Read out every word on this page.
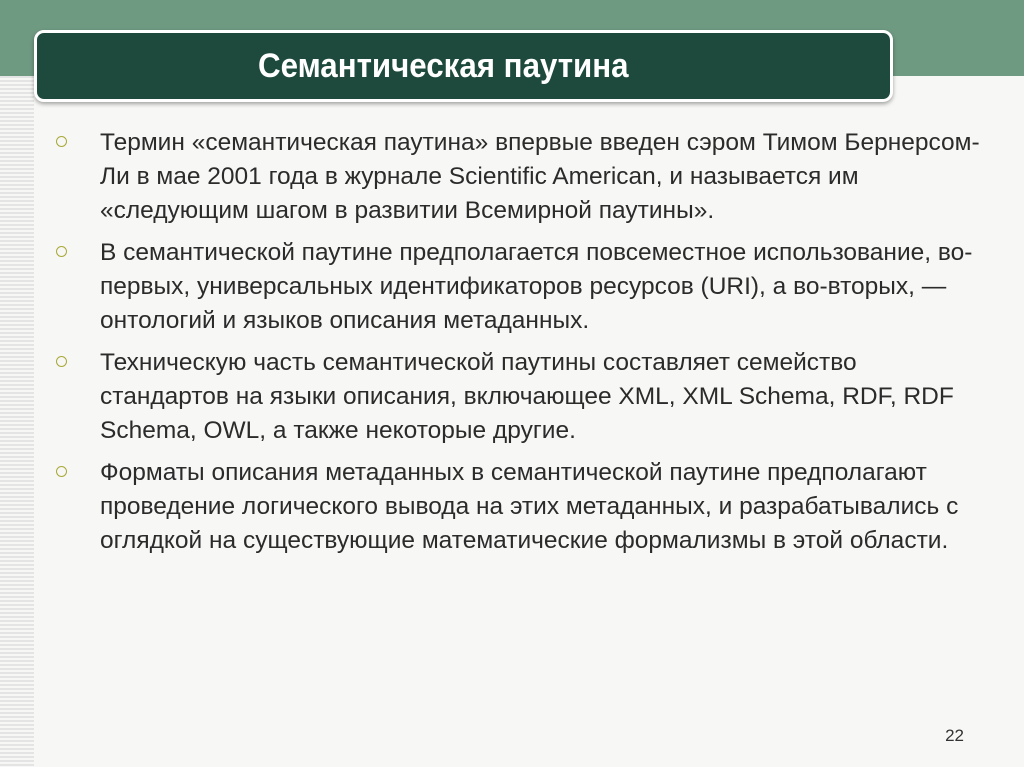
Семантическая паутина
Термин «семантическая паутина» впервые введен сэром Тимом Бернерсом-Ли в мае 2001 года в журнале Scientific American, и называется им «следующим шагом в развитии Всемирной паутины».
В семантической паутине предполагается повсеместное использование, во-первых, универсальных идентификаторов ресурсов (URI), а во-вторых, — онтологий и языков описания метаданных.
Техническую часть семантической паутины составляет семейство стандартов на языки описания, включающее XML, XML Schema, RDF, RDF Schema, OWL, а также некоторые другие.
Форматы описания метаданных в семантической паутине предполагают проведение логического вывода на этих метаданных, и разрабатывались с оглядкой на существующие математические формализмы в этой области.
22
